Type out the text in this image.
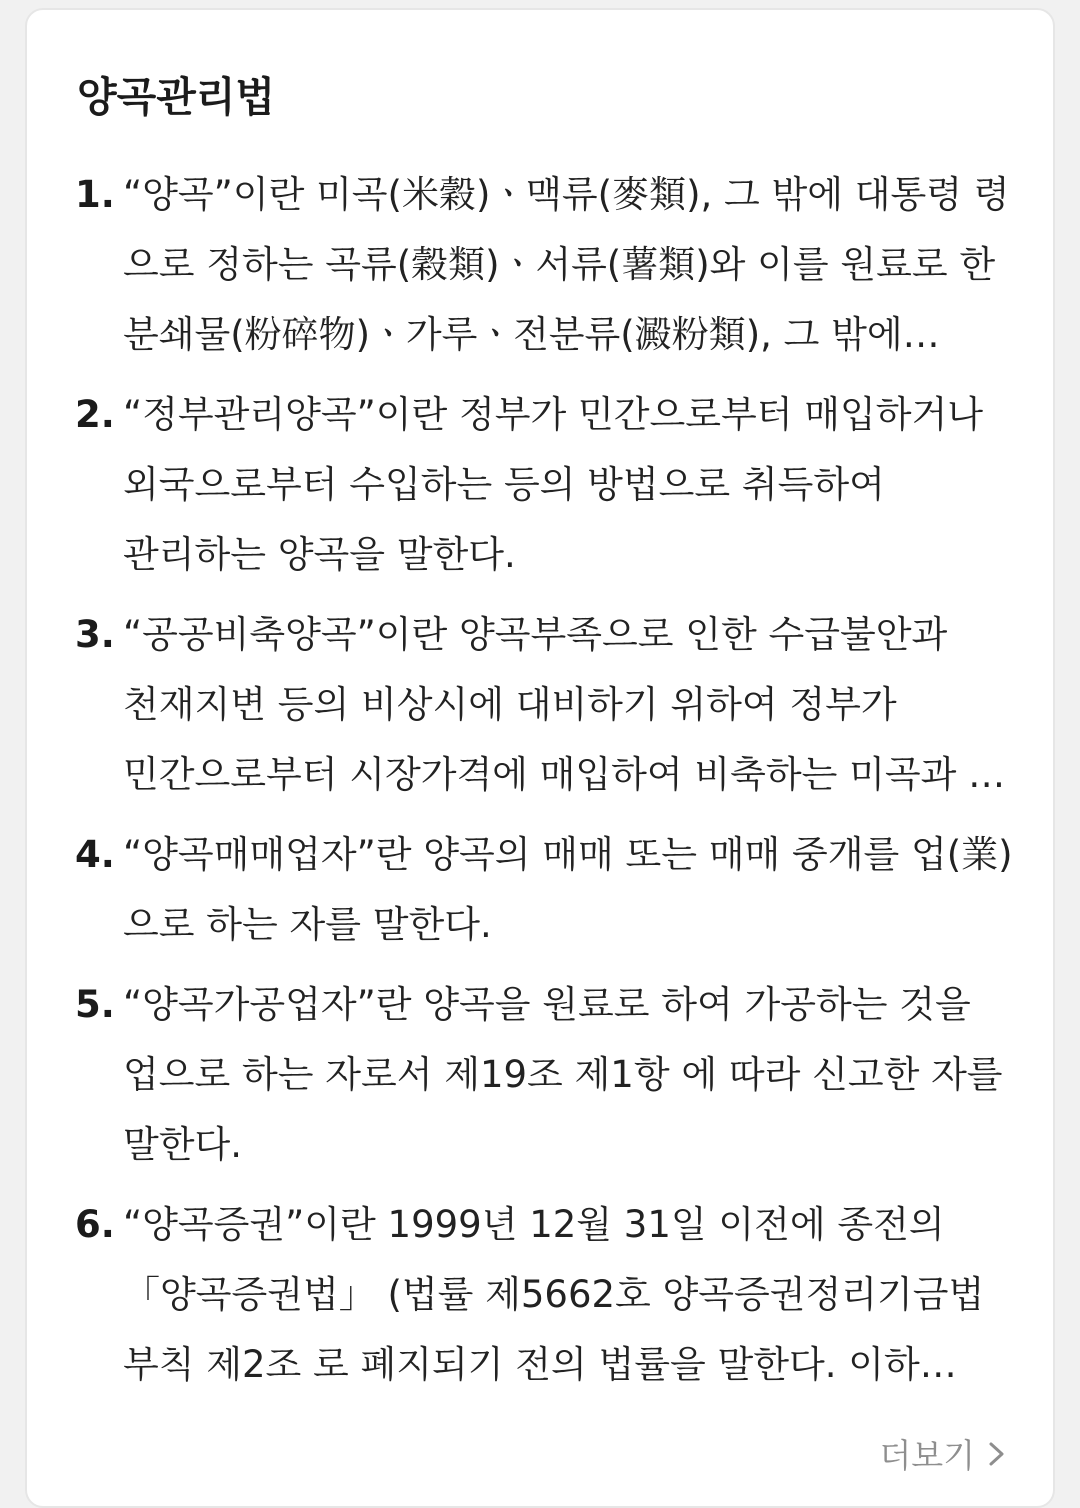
양곡관리법
1. “양곡”이란 미곡(米穀)ㆍ맥류(麥類), 그 밖에 대통령 령 으로 정하는 곡류(穀類)ㆍ서류(薯類)와 이를 원료로 한 분쇄물(粉碎物)ㆍ가루ㆍ전분류(澱粉類), 그 밖에
2. “정부관리양곡”이란 정부가 민간으로부터 매입하거나 외국으로부터 수입하는 등의 방법으로 취득하여 관리하는 양곡을 말한다.
3. “공공비축양곡”이란 양곡부족으로 인한 수급불안과 천재지변 등의 비상시에 대비하기 위하여 정부가 민간으로부터 시장가격에 매입하여 비축하는 미곡과 그
4. “양곡매매업자”란 양곡의 매매 또는 매매 중개를 업(業)으로 하는 자를 말한다.
5. “양곡가공업자”란 양곡을 원료로 하여 가공하는 것을 업으로 하는 자로서 제19조 제1항 에 따라 신고한 자를 말한다.
6. “양곡증권”이란 1999년 12월 31일 이전에 종전의 「양곡증권법」 (법률 제5662호 양곡증권정리기금법 부칙 제2조 로 폐지되기 전의 법률을 말한다. 이하
더보기
